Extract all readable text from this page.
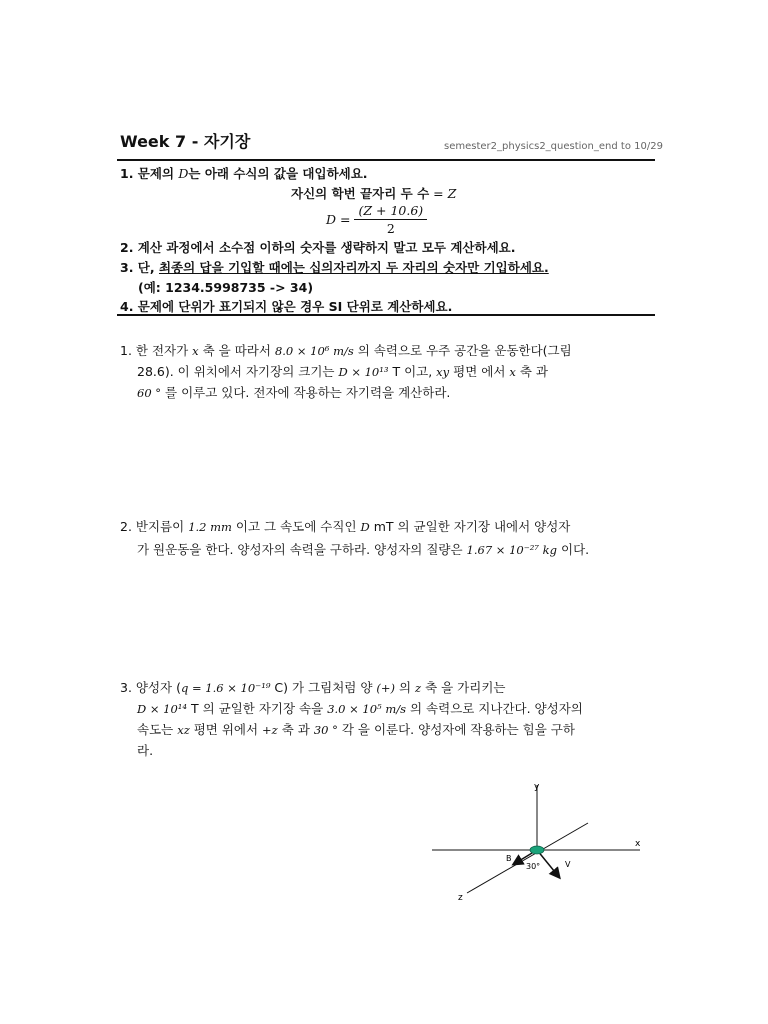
Week 7 - 자기장	semester2_physics2_question_end to 10/29
1. 문제의 D는 아래 수식의 값을 대입하세요.
자신의 학번 끝자리 두 수 = Z
$D = \frac{(Z + 10.6)}{2}$
2. 계산 과정에서 소수점 이하의 숫자를 생략하지 말고 모두 계산하세요.
3. 단, 최종의 답을 기입할 때에는 십의자리까지 두 자리의 숫자만 기입하세요.
(예: 1234.5998735 -> 34)
4. 문제에 단위가 표기되지 않은 경우 SI 단위로 계산하세요.
1. 한 전자가 x 축 을 따라서 8.0 × 10⁶ m/s 의 속력으로 우주 공간을 운동한다(그림
28.6). 이 위치에서 자기장의 크기는 D × 10¹³ T 이고, xy 평면 에서 x 축 과
60 ° 를 이루고 있다. 전자에 작용하는 자기력을 계산하라.
2. 반지름이 1.2 mm 이고 그 속도에 수직인 D mT 의 균일한 자기장 내에서 양성자
가 원운동을 한다. 양성자의 속력을 구하라. 양성자의 질량은 1.67 × 10⁻²⁷ kg 이다.
3. 양성자 (q = 1.6 × 10⁻¹⁹ C) 가 그림처럼 양 (+) 의 z 축 을 가리키는
D × 10¹⁴ T 의 균일한 자기장 속을 3.0 × 10⁵ m/s 의 속력으로 지나간다. 양성자의
속도는 xz 평면 위에서 +z 축 과 30 ° 각 을 이룬다. 양성자에 작용하는 힘을 구하
라.
y
x
z
B
V
30°
